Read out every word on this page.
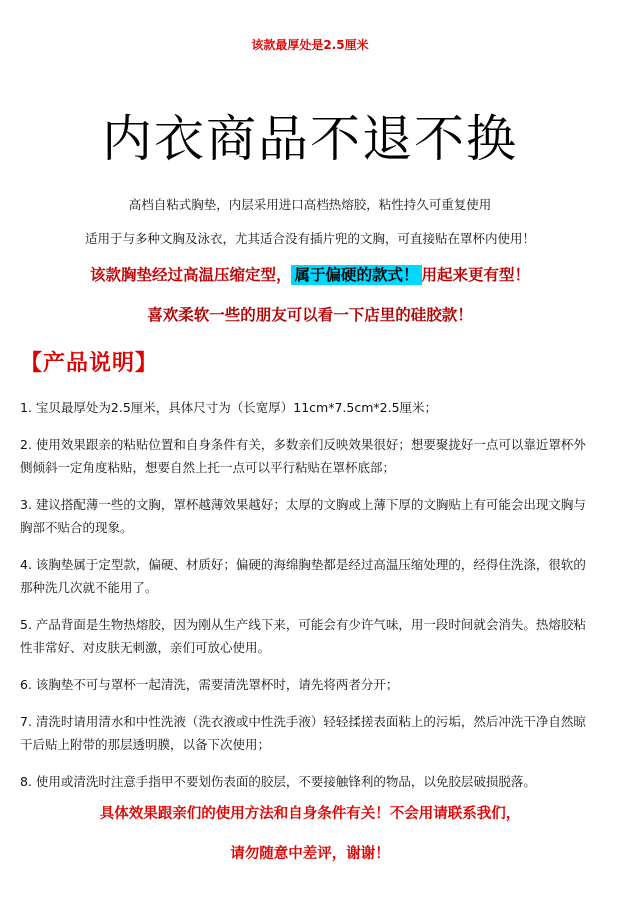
该款最厚处是2.5厘米
内衣商品不退不换
高档自粘式胸垫，内层采用进口高档热熔胶，粘性持久可重复使用
适用于与多种文胸及泳衣，尤其适合没有插片兜的文胸，可直接贴在罩杯内使用！
该款胸垫经过高温压缩定型， 属于偏硬的款式！ 用起来更有型！
喜欢柔软一些的朋友可以看一下店里的硅胶款！
【产品说明】
1. 宝贝最厚处为2.5厘米，具体尺寸为（长宽厚）11cm*7.5cm*2.5厘米；
2. 使用效果跟亲的粘贴位置和自身条件有关，多数亲们反映效果很好；想要聚拢好一点可以靠近罩杯外侧倾斜一定角度粘贴，想要自然上托一点可以平行粘贴在罩杯底部；
3. 建议搭配薄一些的文胸，罩杯越薄效果越好；太厚的文胸或上薄下厚的文胸贴上有可能会出现文胸与胸部不贴合的现象。
4. 该胸垫属于定型款，偏硬、材质好；偏硬的海绵胸垫都是经过高温压缩处理的，经得住洗涤，很软的那种洗几次就不能用了。
5. 产品背面是生物热熔胶，因为刚从生产线下来，可能会有少许气味，用一段时间就会消失。热熔胶粘性非常好、对皮肤无刺激，亲们可放心使用。
6. 该胸垫不可与罩杯一起清洗，需要清洗罩杯时，请先将两者分开；
7. 清洗时请用清水和中性洗液（洗衣液或中性洗手液）轻轻揉搓表面粘上的污垢，然后冲洗干净自然晾干后贴上附带的那层透明膜，以备下次使用；
8. 使用或清洗时注意手指甲不要划伤表面的胶层，不要接触锋利的物品，以免胶层破损脱落。
具体效果跟亲们的使用方法和自身条件有关！不会用请联系我们，
请勿随意中差评，谢谢！
